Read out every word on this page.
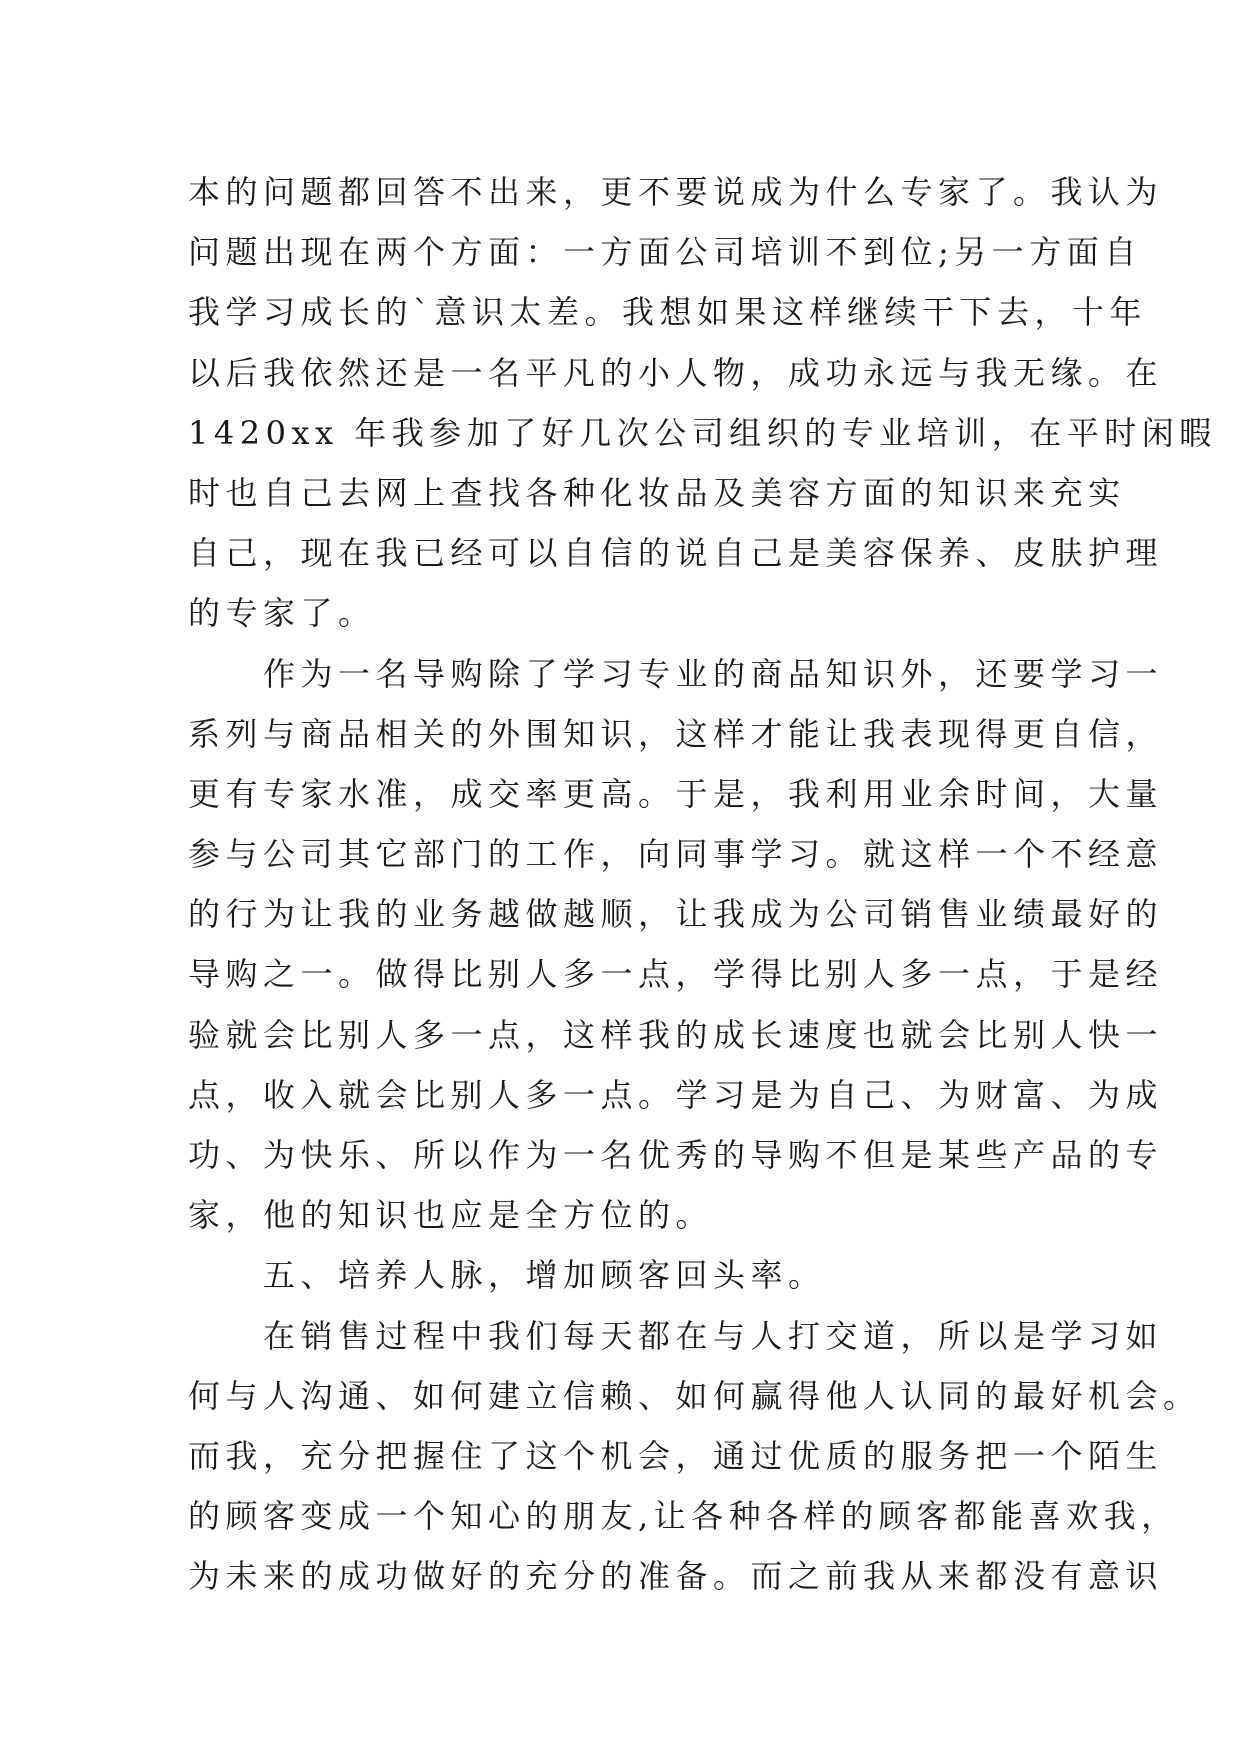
本的问题都回答不出来，更不要说成为什么专家了。我认为
问题出现在两个方面：一方面公司培训不到位;另一方面自
我学习成长的`意识太差。我想如果这样继续干下去，十年
以后我依然还是一名平凡的小人物，成功永远与我无缘。在
1420xx 年我参加了好几次公司组织的专业培训，在平时闲暇
时也自己去网上查找各种化妆品及美容方面的知识来充实
自己，现在我已经可以自信的说自己是美容保养、皮肤护理
的专家了。
　　作为一名导购除了学习专业的商品知识外，还要学习一
系列与商品相关的外围知识，这样才能让我表现得更自信，
更有专家水准，成交率更高。于是，我利用业余时间，大量
参与公司其它部门的工作，向同事学习。就这样一个不经意
的行为让我的业务越做越顺，让我成为公司销售业绩最好的
导购之一。做得比别人多一点，学得比别人多一点，于是经
验就会比别人多一点，这样我的成长速度也就会比别人快一
点，收入就会比别人多一点。学习是为自己、为财富、为成
功、为快乐、所以作为一名优秀的导购不但是某些产品的专
家，他的知识也应是全方位的。
　　五、培养人脉，增加顾客回头率。
　　在销售过程中我们每天都在与人打交道，所以是学习如
何与人沟通、如何建立信赖、如何赢得他人认同的最好机会。
而我，充分把握住了这个机会，通过优质的服务把一个陌生
的顾客变成一个知心的朋友,让各种各样的顾客都能喜欢我，
为未来的成功做好的充分的准备。而之前我从来都没有意识
